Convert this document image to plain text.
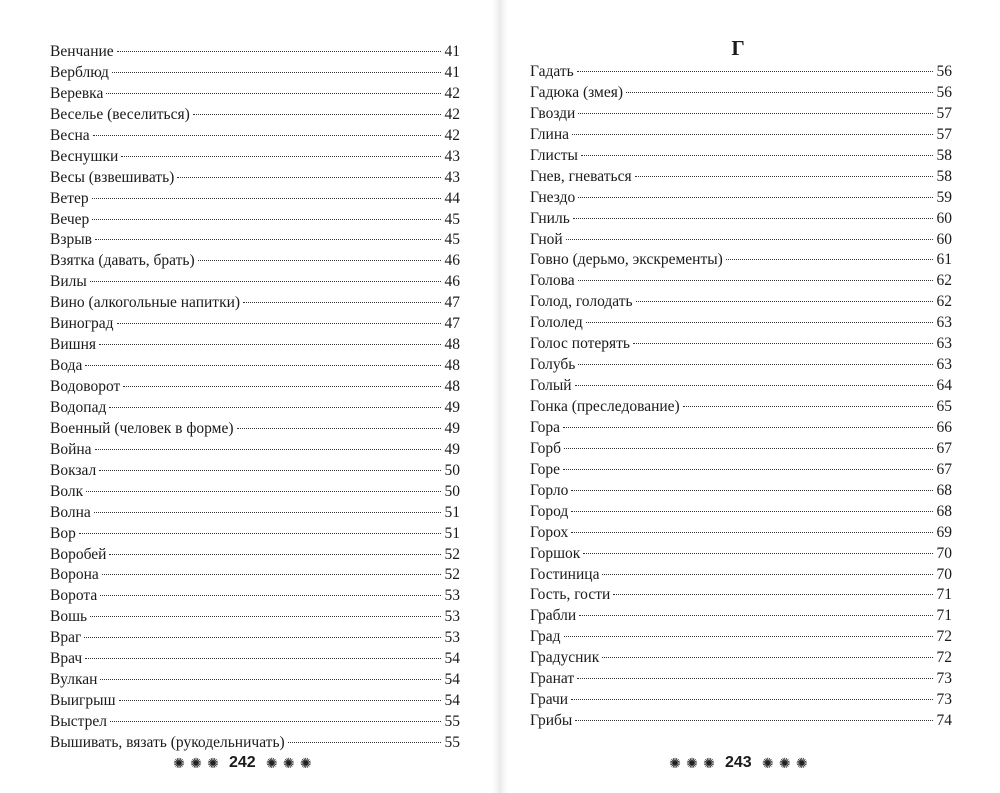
Венчание	41
Верблюд	41
Веревка	42
Веселье (веселиться)	42
Весна	42
Веснушки	43
Весы (взвешивать)	43
Ветер	44
Вечер	45
Взрыв	45
Взятка (давать, брать)	46
Вилы	46
Вино (алкогольные напитки)	47
Виноград	47
Вишня	48
Вода	48
Водоворот	48
Водопад	49
Военный (человек в форме)	49
Война	49
Вокзал	50
Волк	50
Волна	51
Вор	51
Воробей	52
Ворона	52
Ворота	53
Вошь	53
Враг	53
Врач	54
Вулкан	54
Выигрыш	54
Выстрел	55
Вышивать, вязать (рукодельничать)	55
✺ ✺ ✺ 242 ✺ ✺ ✺
Г
Гадать	56
Гадюка (змея)	56
Гвозди	57
Глина	57
Глисты	58
Гнев, гневаться	58
Гнездо	59
Гниль	60
Гной	60
Говно (дерьмо, экскременты)	61
Голова	62
Голод, голодать	62
Гололед	63
Голос потерять	63
Голубь	63
Голый	64
Гонка (преследование)	65
Гора	66
Горб	67
Горе	67
Горло	68
Город	68
Горох	69
Горшок	70
Гостиница	70
Гость, гости	71
Грабли	71
Град	72
Градусник	72
Гранат	73
Грачи	73
Грибы	74
✺ ✺ ✺ 243 ✺ ✺ ✺
